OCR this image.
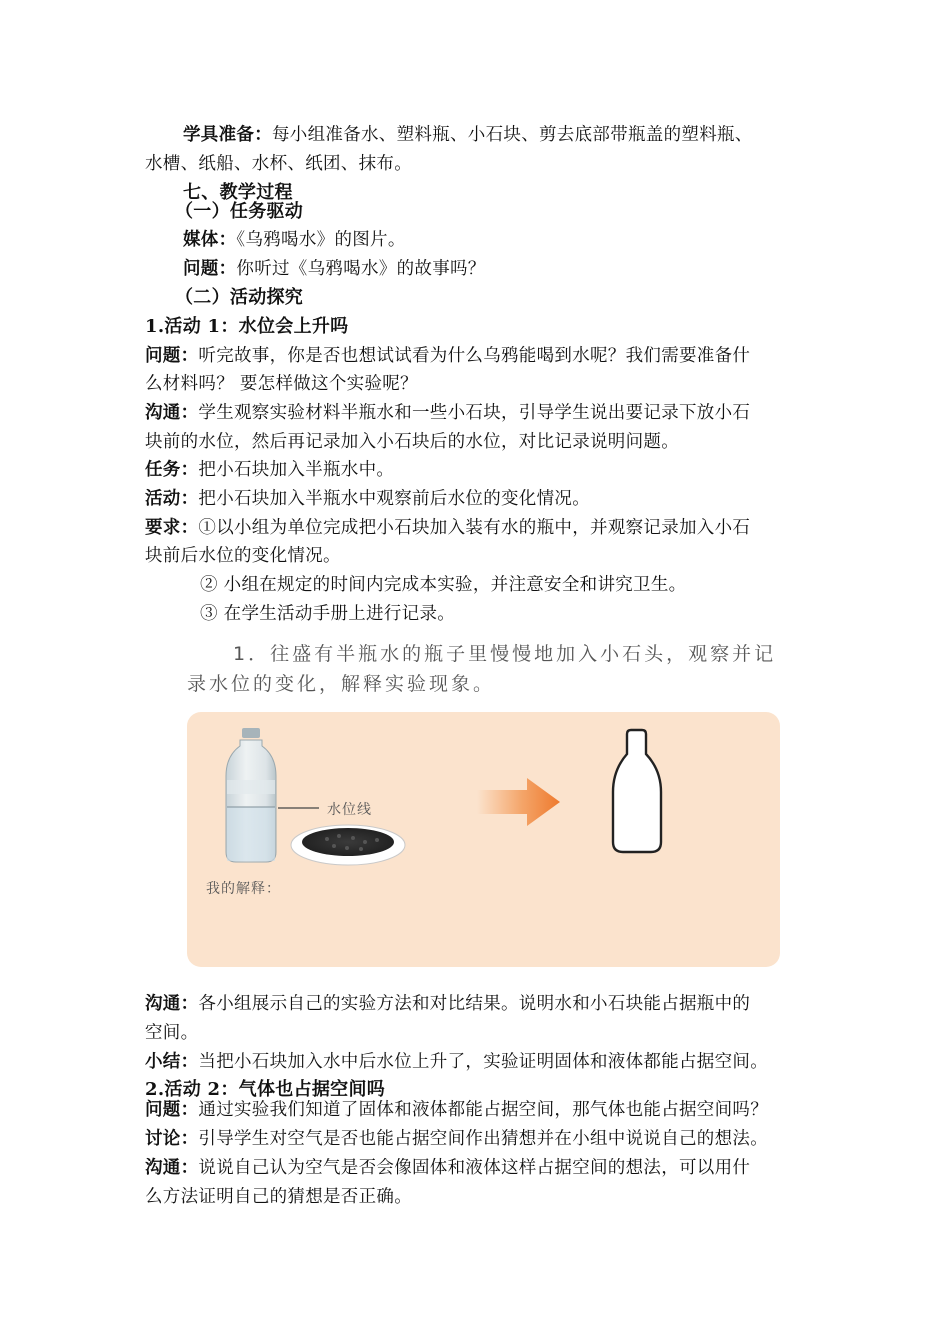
学具准备：每小组准备水、塑料瓶、小石块、剪去底部带瓶盖的塑料瓶、
水槽、纸船、水杯、纸团、抹布。
七、教学过程
（一）任务驱动
媒体：《乌鸦喝水》的图片。
问题：你听过《乌鸦喝水》的故事吗？
（二）活动探究
1.活动 1：水位会上升吗
问题：听完故事，你是否也想试试看为什么乌鸦能喝到水呢？我们需要准备什
么材料吗？ 要怎样做这个实验呢？
沟通：学生观察实验材料半瓶水和一些小石块，引导学生说出要记录下放小石
块前的水位，然后再记录加入小石块后的水位，对比记录说明问题。
任务：把小石块加入半瓶水中。
活动：把小石块加入半瓶水中观察前后水位的变化情况。
要求：①以小组为单位完成把小石块加入装有水的瓶中，并观察记录加入小石
块前后水位的变化情况。
② 小组在规定的时间内完成本实验，并注意安全和讲究卫生。
③ 在学生活动手册上进行记录。
1．往盛有半瓶水的瓶子里慢慢地加入小石头，观察并记
录水位的变化，解释实验现象。
水位线
我的解释：
沟通：各小组展示自己的实验方法和对比结果。说明水和小石块能占据瓶中的
空间。
小结：当把小石块加入水中后水位上升了，实验证明固体和液体都能占据空间。
2.活动 2：气体也占据空间吗
问题：通过实验我们知道了固体和液体都能占据空间，那气体也能占据空间吗？
讨论：引导学生对空气是否也能占据空间作出猜想并在小组中说说自己的想法。
沟通：说说自己认为空气是否会像固体和液体这样占据空间的想法，可以用什
么方法证明自己的猜想是否正确。
